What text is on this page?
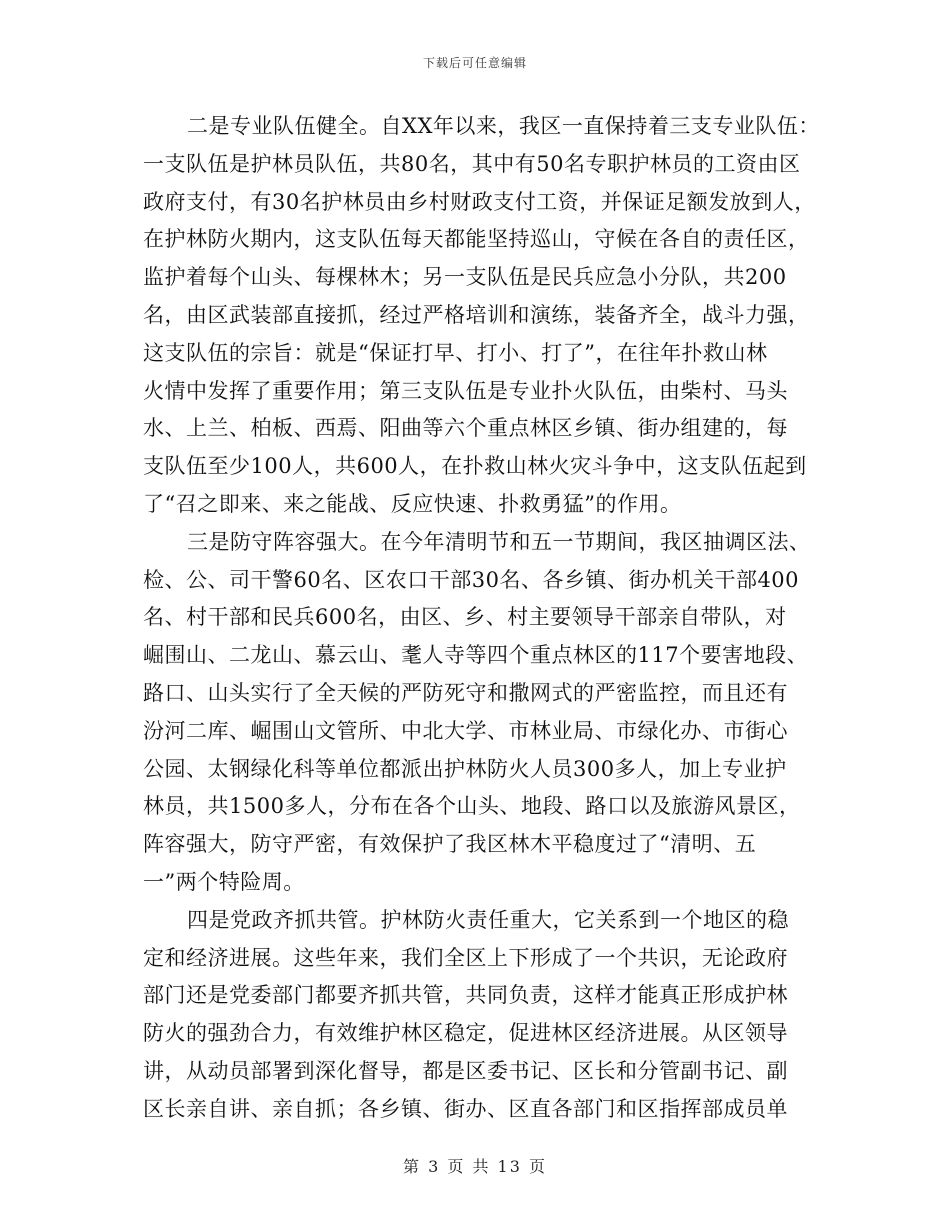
下载后可任意编辑
二是专业队伍健全。自XX年以来，我区一直保持着三支专业队伍：
一支队伍是护林员队伍，共80名，其中有50名专职护林员的工资由区
政府支付，有30名护林员由乡村财政支付工资，并保证足额发放到人，
在护林防火期内，这支队伍每天都能坚持巡山，守候在各自的责任区，
监护着每个山头、每棵林木；另一支队伍是民兵应急小分队，共200
名，由区武装部直接抓，经过严格培训和演练，装备齐全，战斗力强，
这支队伍的宗旨：就是“保证打早、打小、打了”，在往年扑救山林
火情中发挥了重要作用；第三支队伍是专业扑火队伍，由柴村、马头
水、上兰、柏板、西焉、阳曲等六个重点林区乡镇、街办组建的，每
支队伍至少100人，共600人，在扑救山林火灾斗争中，这支队伍起到
了“召之即来、来之能战、反应快速、扑救勇猛”的作用。
三是防守阵容强大。在今年清明节和五一节期间，我区抽调区法、
检、公、司干警60名、区农口干部30名、各乡镇、街办机关干部400
名、村干部和民兵600名，由区、乡、村主要领导干部亲自带队，对
崛围山、二龙山、慕云山、耄人寺等四个重点林区的117个要害地段、
路口、山头实行了全天候的严防死守和撒网式的严密监控，而且还有
汾河二库、崛围山文管所、中北大学、市林业局、市绿化办、市街心
公园、太钢绿化科等单位都派出护林防火人员300多人，加上专业护
林员，共1500多人，分布在各个山头、地段、路口以及旅游风景区，
阵容强大，防守严密，有效保护了我区林木平稳度过了“清明、五
一”两个特险周。
四是党政齐抓共管。护林防火责任重大，它关系到一个地区的稳
定和经济进展。这些年来，我们全区上下形成了一个共识，无论政府
部门还是党委部门都要齐抓共管，共同负责，这样才能真正形成护林
防火的强劲合力，有效维护林区稳定，促进林区经济进展。从区领导
讲，从动员部署到深化督导，都是区委书记、区长和分管副书记、副
区长亲自讲、亲自抓；各乡镇、街办、区直各部门和区指挥部成员单
第 3 页 共 13 页
